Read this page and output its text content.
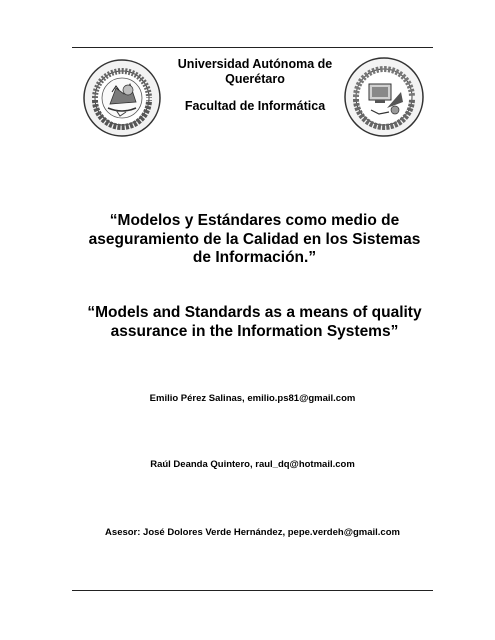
Universidad Autónoma de Querétaro
Facultad de Informática
“Modelos y Estándares como medio de aseguramiento de la Calidad en los Sistemas de Información.”
“Models and Standards as a means of quality assurance in the Information Systems”
Emilio Pérez Salinas, emilio.ps81@gmail.com
Raúl Deanda Quintero, raul_dq@hotmail.com
Asesor: José Dolores Verde Hernández, pepe.verdeh@gmail.com
